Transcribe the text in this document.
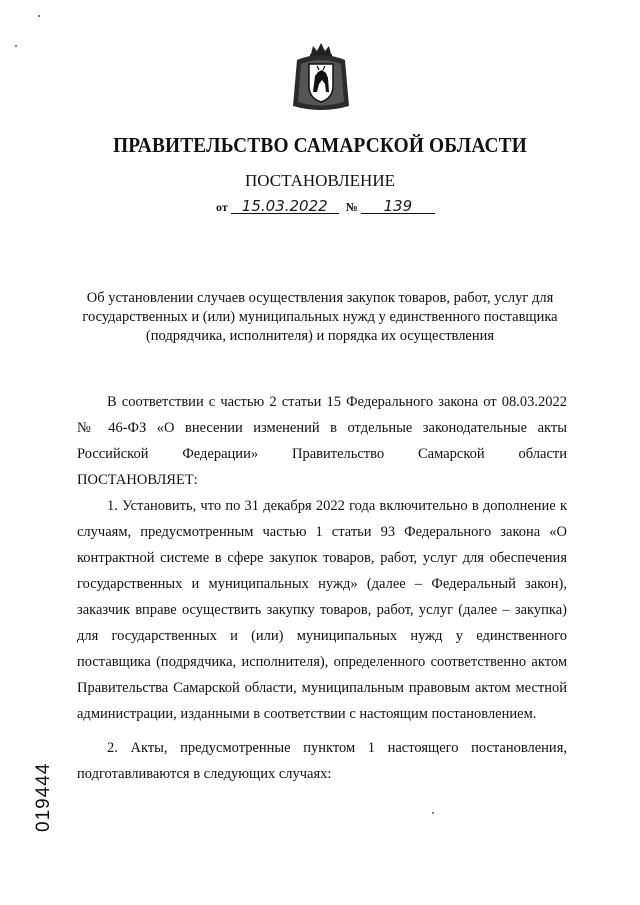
ПРАВИТЕЛЬСТВО САМАРСКОЙ ОБЛАСТИ
ПОСТАНОВЛЕНИЕ
от 15.03.2022 № 139
Об установлении случаев осуществления закупок товаров, работ, услуг для государственных и (или) муниципальных нужд у единственного поставщика (подрядчика, исполнителя) и порядка их осуществления

В соответствии с частью 2 статьи 15 Федерального закона от 08.03.2022 № 46-ФЗ «О внесении изменений в отдельные законодательные акты Российской Федерации» Правительство Самарской области ПОСТАНОВЛЯЕТ:

1. Установить, что по 31 декабря 2022 года включительно в дополнение к случаям, предусмотренным частью 1 статьи 93 Федерального закона «О контрактной системе в сфере закупок товаров, работ, услуг для обеспечения государственных и муниципальных нужд» (далее – Федеральный закон), заказчик вправе осуществить закупку товаров, работ, услуг (далее – закупка) для государственных и (или) муниципальных нужд у единственного поставщика (подрядчика, исполнителя), определенного соответственно актом Правительства Самарской области, муниципальным правовым актом местной администрации, изданными в соответствии с настоящим постановлением.

2. Акты, предусмотренные пунктом 1 настоящего постановления, подготавливаются в следующих случаях:

019444
